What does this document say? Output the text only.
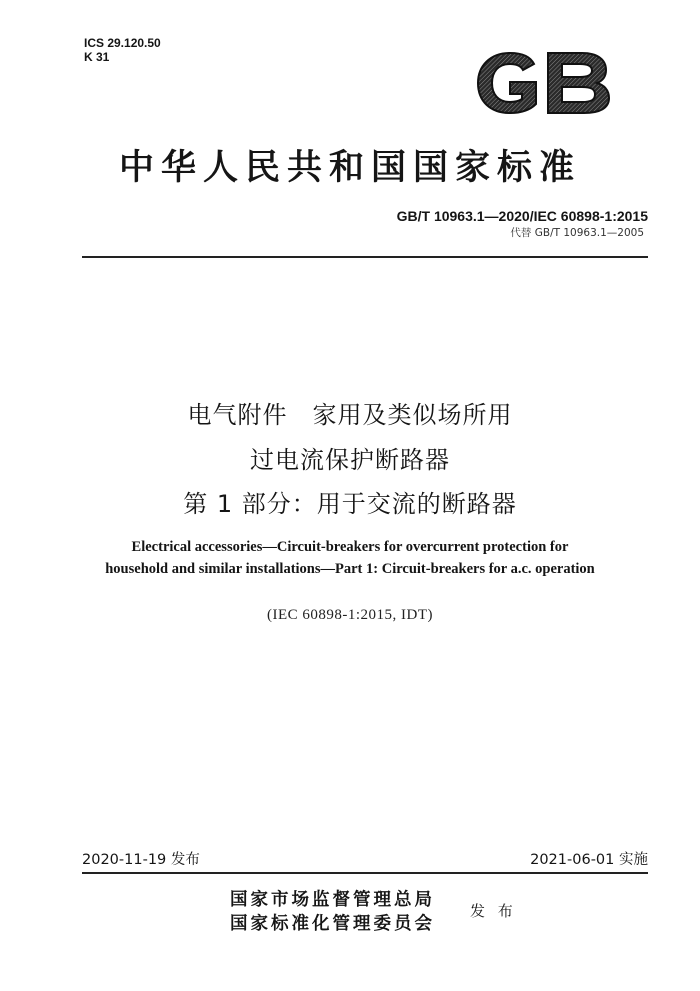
ICS 29.120.50
K 31
中华人民共和国国家标准
GB/T 10963.1—2020/IEC 60898-1:2015
代替 GB/T 10963.1—2005
电气附件　家用及类似场所用
过电流保护断路器
第 1 部分：用于交流的断路器
Electrical accessories—Circuit-breakers for overcurrent protection for
household and similar installations—Part 1: Circuit-breakers for a.c. operation
(IEC 60898-1:2015, IDT)
2020-11-19 发布	2021-06-01 实施
国家市场监督管理总局
国家标准化管理委员会
发 布
